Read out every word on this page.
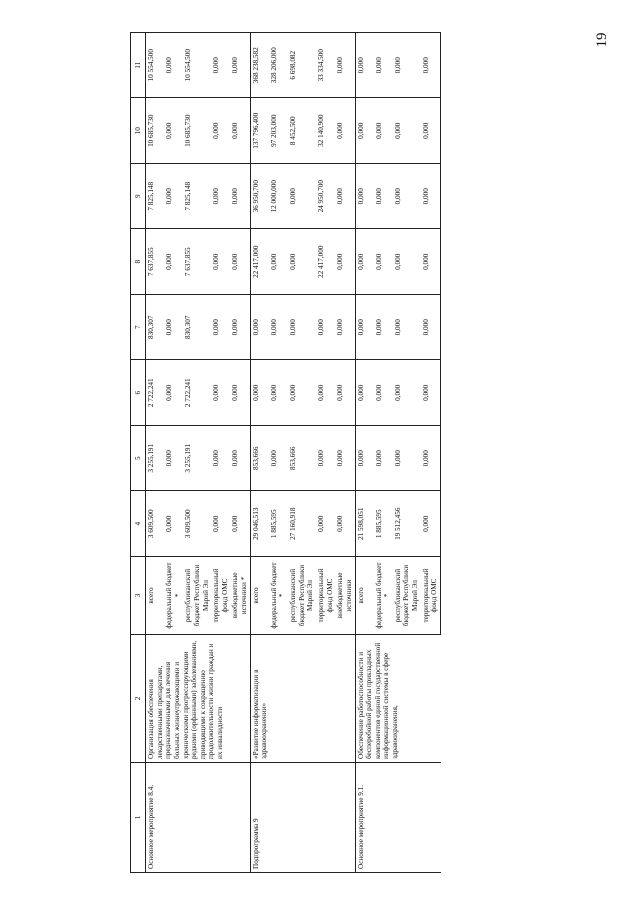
19
1	2	3	4	5	6	7	8	9	10	11
Основное мероприятие 8.4.	Организация обеспечения лекарственными препаратами, предназначенными для лечения больных жизнеугрожающими и хроническими прогрессирующими редкими (орфанными) заболеваниями, приводящими к сокращению продолжительности жизни граждан и их инвалидности	всего	3 609,500	3 255,191	2 722,241	830,307	7 637,855	7 825,148	10 685,730	10 554,500
		федеральный бюджет *	0,000	0,000	0,000	0,000	0,000	0,000	0,000	0,000
		республиканский бюджет Республики Марий Эл	3 609,500	3 255,191	2 722,241	830,307	7 637,855	7 825,148	10 685,730	10 554,500
		территориальный фонд ОМС	0,000	0,000	0,000	0,000	0,000	0,000	0,000	0,000
		внебюджетные источники *	0,000	0,000	0,000	0,000	0,000	0,000	0,000	0,000
Подпрограмма 9	«Развитие информатизации в здравоохранении»	всего	29 046,513	853,666	0,000	0,000	22 417,000	36 950,700	137 796,400	368 238,582
		федеральный бюджет *	1 885,595	0,000	0,000	0,000	0,000	12 000,000	97 203,000	328 206,000
		республиканский бюджет Республики Марий Эл	27 160,918	853,666	0,000	0,000	0,000	0,000	8 452,500	6 698,082
		территориальный фонд ОМС	0,000	0,000	0,000	0,000	22 417,000	24 950,700	32 140,900	33 334,500
		внебюджетные источники	0,000	0,000	0,000	0,000	0,000	0,000	0,000	0,000
Основное мероприятие 9.1.	Обеспечение работоспособности и бесперебойной работы прикладных компонентов единой государственной информационной системы в сфере здравоохранения,	всего	21 598,051	0,000	0,000	0,000	0,000	0,000	0,000	0,000
		федеральный бюджет *	1 885,595	0,000	0,000	0,000	0,000	0,000	0,000	0,000
		республиканский бюджет Республики Марий Эл	19 512,456	0,000	0,000	0,000	0,000	0,000	0,000	0,000
		территориальный фонд ОМС	0,000	0,000	0,000	0,000	0,000	0,000	0,000	0,000
